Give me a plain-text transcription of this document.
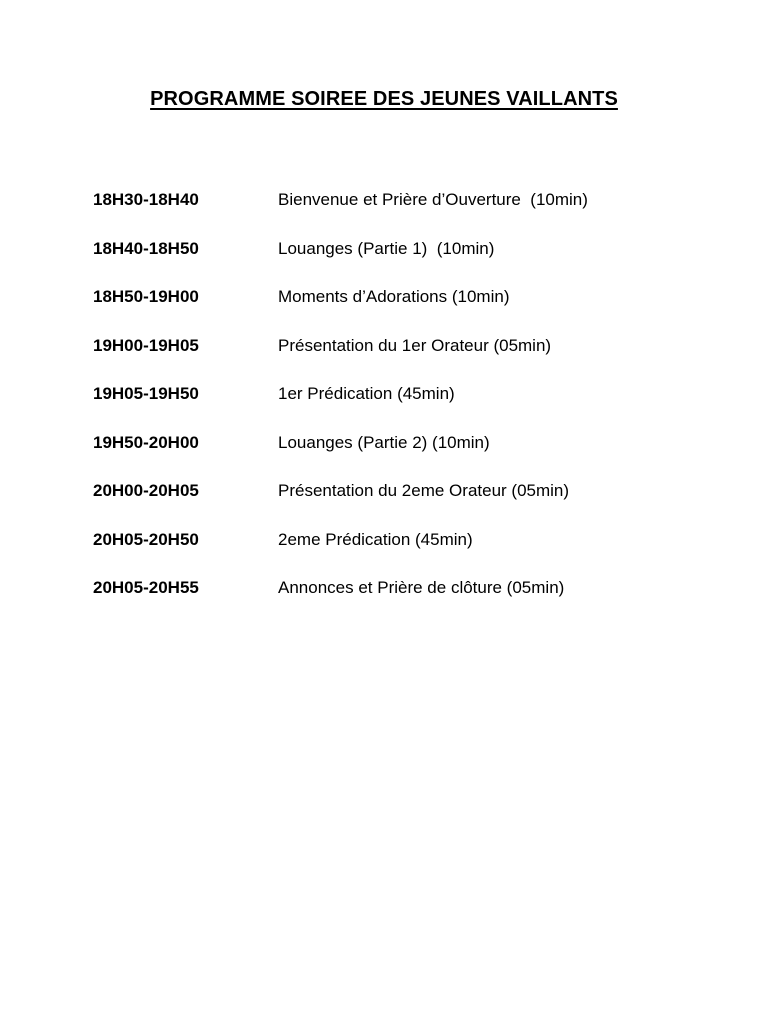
PROGRAMME SOIREE DES JEUNES VAILLANTS
18H30-18H40	Bienvenue et Prière d’Ouverture  (10min)
18H40-18H50	Louanges (Partie 1)  (10min)
18H50-19H00	Moments d’Adorations (10min)
19H00-19H05	Présentation du 1er Orateur (05min)
19H05-19H50	1er Prédication (45min)
19H50-20H00	Louanges (Partie 2) (10min)
20H00-20H05	Présentation du 2eme Orateur (05min)
20H05-20H50	2eme Prédication (45min)
20H05-20H55	Annonces et Prière de clôture (05min)
